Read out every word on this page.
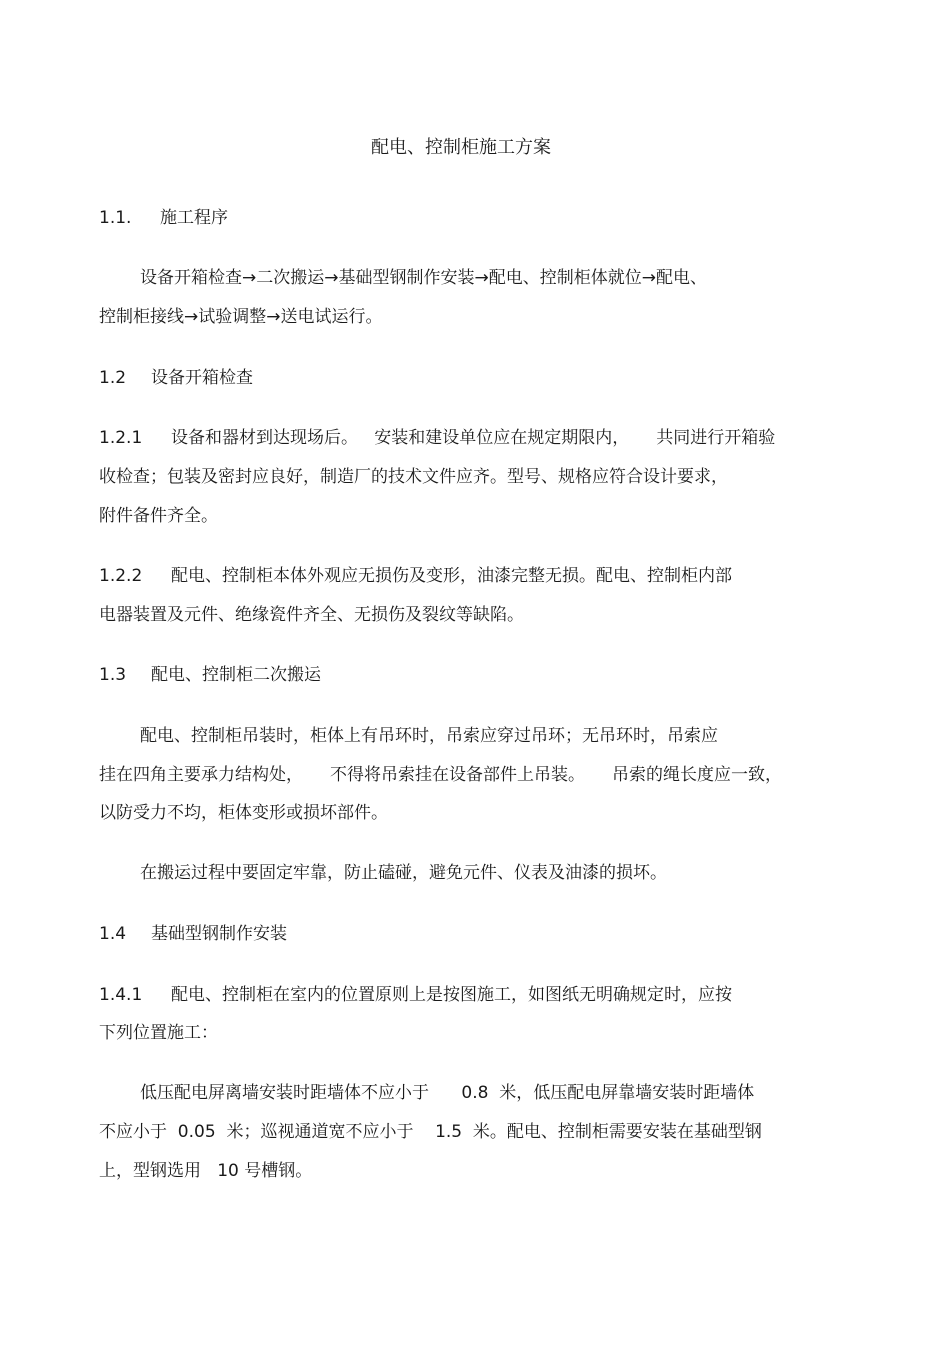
配电、控制柜施工方案
1.1. 施工程序
设备开箱检查→二次搬运→基础型钢制作安装→配电、控制柜体就位→配电、
控制柜接线→试验调整→送电试运行。
1.2 设备开箱检查
1.2.1 设备和器材到达现场后。   安装和建设单位应在规定期限内，     共同进行开箱验
收检查；包装及密封应良好，制造厂的技术文件应齐。型号、规格应符合设计要求，
附件备件齐全。
1.2.2 配电、控制柜本体外观应无损伤及变形，油漆完整无损。配电、控制柜内部
电器装置及元件、绝缘瓷件齐全、无损伤及裂纹等缺陷。
1.3 配电、控制柜二次搬运
配电、控制柜吊装时，柜体上有吊环时，吊索应穿过吊环；无吊环时，吊索应
挂在四角主要承力结构处，     不得将吊索挂在设备部件上吊装。     吊索的绳长度应一致，
以防受力不均，柜体变形或损坏部件。
在搬运过程中要固定牢靠，防止磕碰，避免元件、仪表及油漆的损坏。
1.4 基础型钢制作安装
1.4.1 配电、控制柜在室内的位置原则上是按图施工，如图纸无明确规定时，应按
下列位置施工：
低压配电屏离墙安装时距墙体不应小于      0.8  米，低压配电屏靠墙安装时距墙体
不应小于  0.05  米；巡视通道宽不应小于    1.5  米。配电、控制柜需要安装在基础型钢
上，型钢选用   10 号槽钢。
